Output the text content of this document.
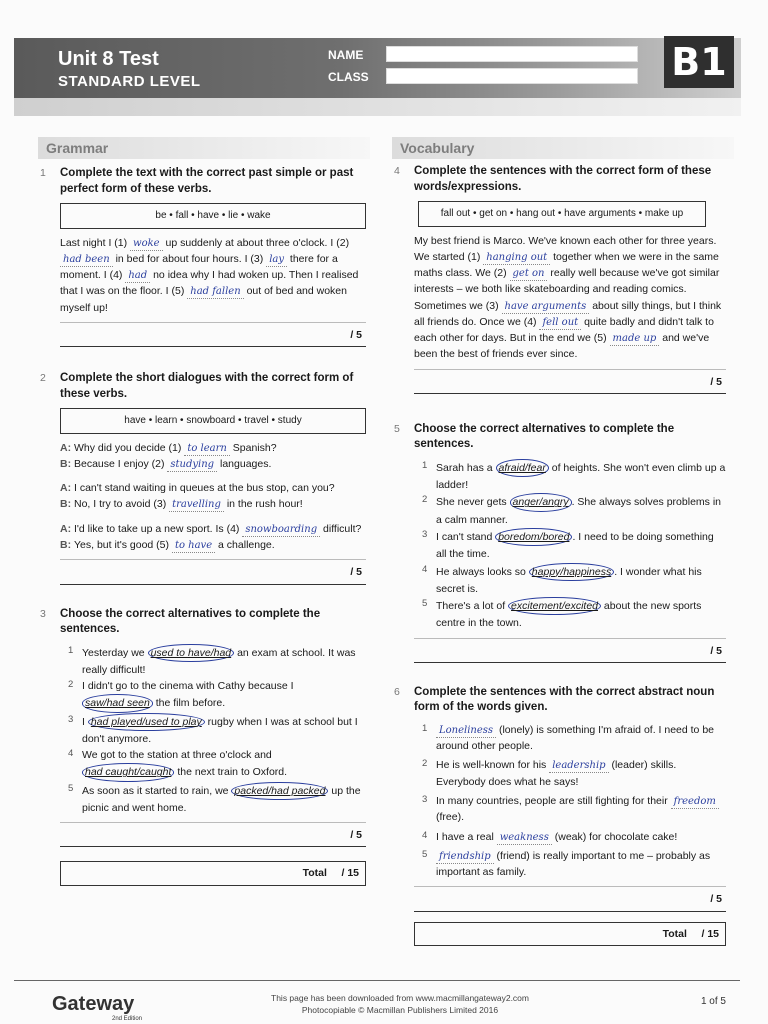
Unit 8 Test
STANDARD LEVEL
NAME
CLASS	B1
Grammar	Vocabulary
1 Complete the text with the correct past simple or past perfect form of these verbs.
be • fall • have • lie • wake
Last night I (1) woke up suddenly at about three o'clock. I (2) had been in bed for about four hours. I (3) lay there for a moment. I (4) had no idea why I had woken up. Then I realised that I was on the floor. I (5) had fallen out of bed and woken myself up!
/ 5
2 Complete the short dialogues with the correct form of these verbs.
have • learn • snowboard • travel • study
A: Why did you decide (1) to learn Spanish?
B: Because I enjoy (2) studying languages.
A: I can't stand waiting in queues at the bus stop, can you?
B: No, I try to avoid (3) travelling in the rush hour!
A: I'd like to take up a new sport. Is (4) snowboarding difficult?
B: Yes, but it's good (5) to have a challenge.
/ 5
3 Choose the correct alternatives to complete the sentences.
1 Yesterday we used to have/had an exam at school. It was really difficult!
2 I didn't go to the cinema with Cathy because I saw/had seen the film before.
3 I had played/used to play rugby when I was at school but I don't anymore.
4 We got to the station at three o'clock and had caught/caught the next train to Oxford.
5 As soon as it started to rain, we packed/had packed up the picnic and went home.
/ 5
Total / 15
4 Complete the sentences with the correct form of these words/expressions.
fall out • get on • hang out • have arguments • make up
My best friend is Marco. We've known each other for three years. We started (1) hanging out together when we were in the same maths class. We (2) get on really well because we've got similar interests – we both like skateboarding and reading comics. Sometimes we (3) have arguments about silly things, but I think all friends do. Once we (4) fell out quite badly and didn't talk to each other for days. But in the end we (5) made up and we've been the best of friends ever since.
/ 5
5 Choose the correct alternatives to complete the sentences.
1 Sarah has a afraid/fear of heights. She won't even climb up a ladder!
2 She never gets anger/angry . She always solves problems in a calm manner.
3 I can't stand boredom/bored . I need to be doing something all the time.
4 He always looks so happy/happiness . I wonder what his secret is.
5 There's a lot of excitement/excited about the new sports centre in the town.
/ 5
6 Complete the sentences with the correct abstract noun form of the words given.
1 Loneliness (lonely) is something I'm afraid of. I need to be around other people.
2 He is well-known for his leadership (leader) skills. Everybody does what he says!
3 In many countries, people are still fighting for their freedom (free).
4 I have a real weakness (weak) for chocolate cake!
5 friendship (friend) is really important to me – probably as important as family.
/ 5
Total / 15
Gateway
2nd Edition
This page has been downloaded from www.macmillangateway2.com
Photocopiable © Macmillan Publishers Limited 2016
1 of 5
